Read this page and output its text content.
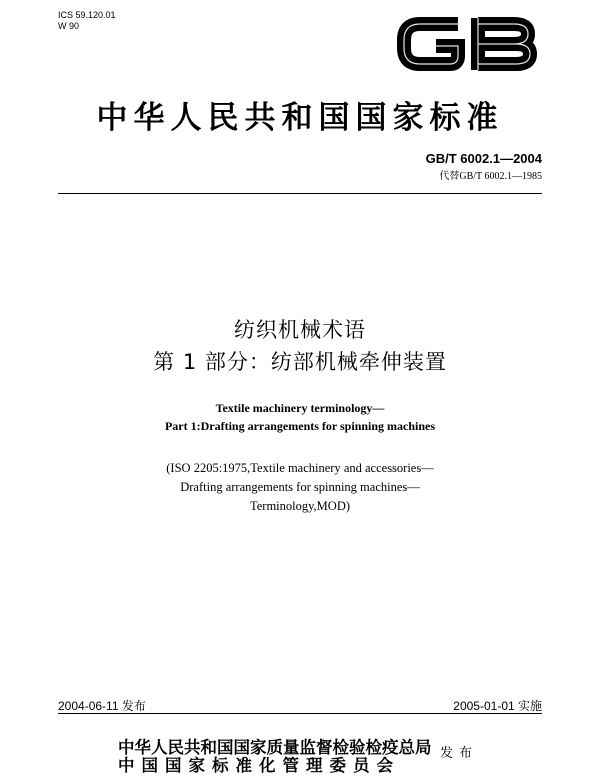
ICS 59.120.01
W 90
中华人民共和国国家标准
GB/T 6002.1—2004
代替GB/T 6002.1—1985
纺织机械术语
第 1 部分：纺部机械牵伸装置
Textile machinery terminology—
Part 1:Drafting arrangements for spinning machines
(ISO 2205:1975,Textile machinery and accessories—
Drafting arrangements for spinning machines—
Terminology,MOD)
2004-06-11 发布	2005-01-01 实施
中华人民共和国国家质量监督检验检疫总局
中国国家标准化管理委员会
发布
